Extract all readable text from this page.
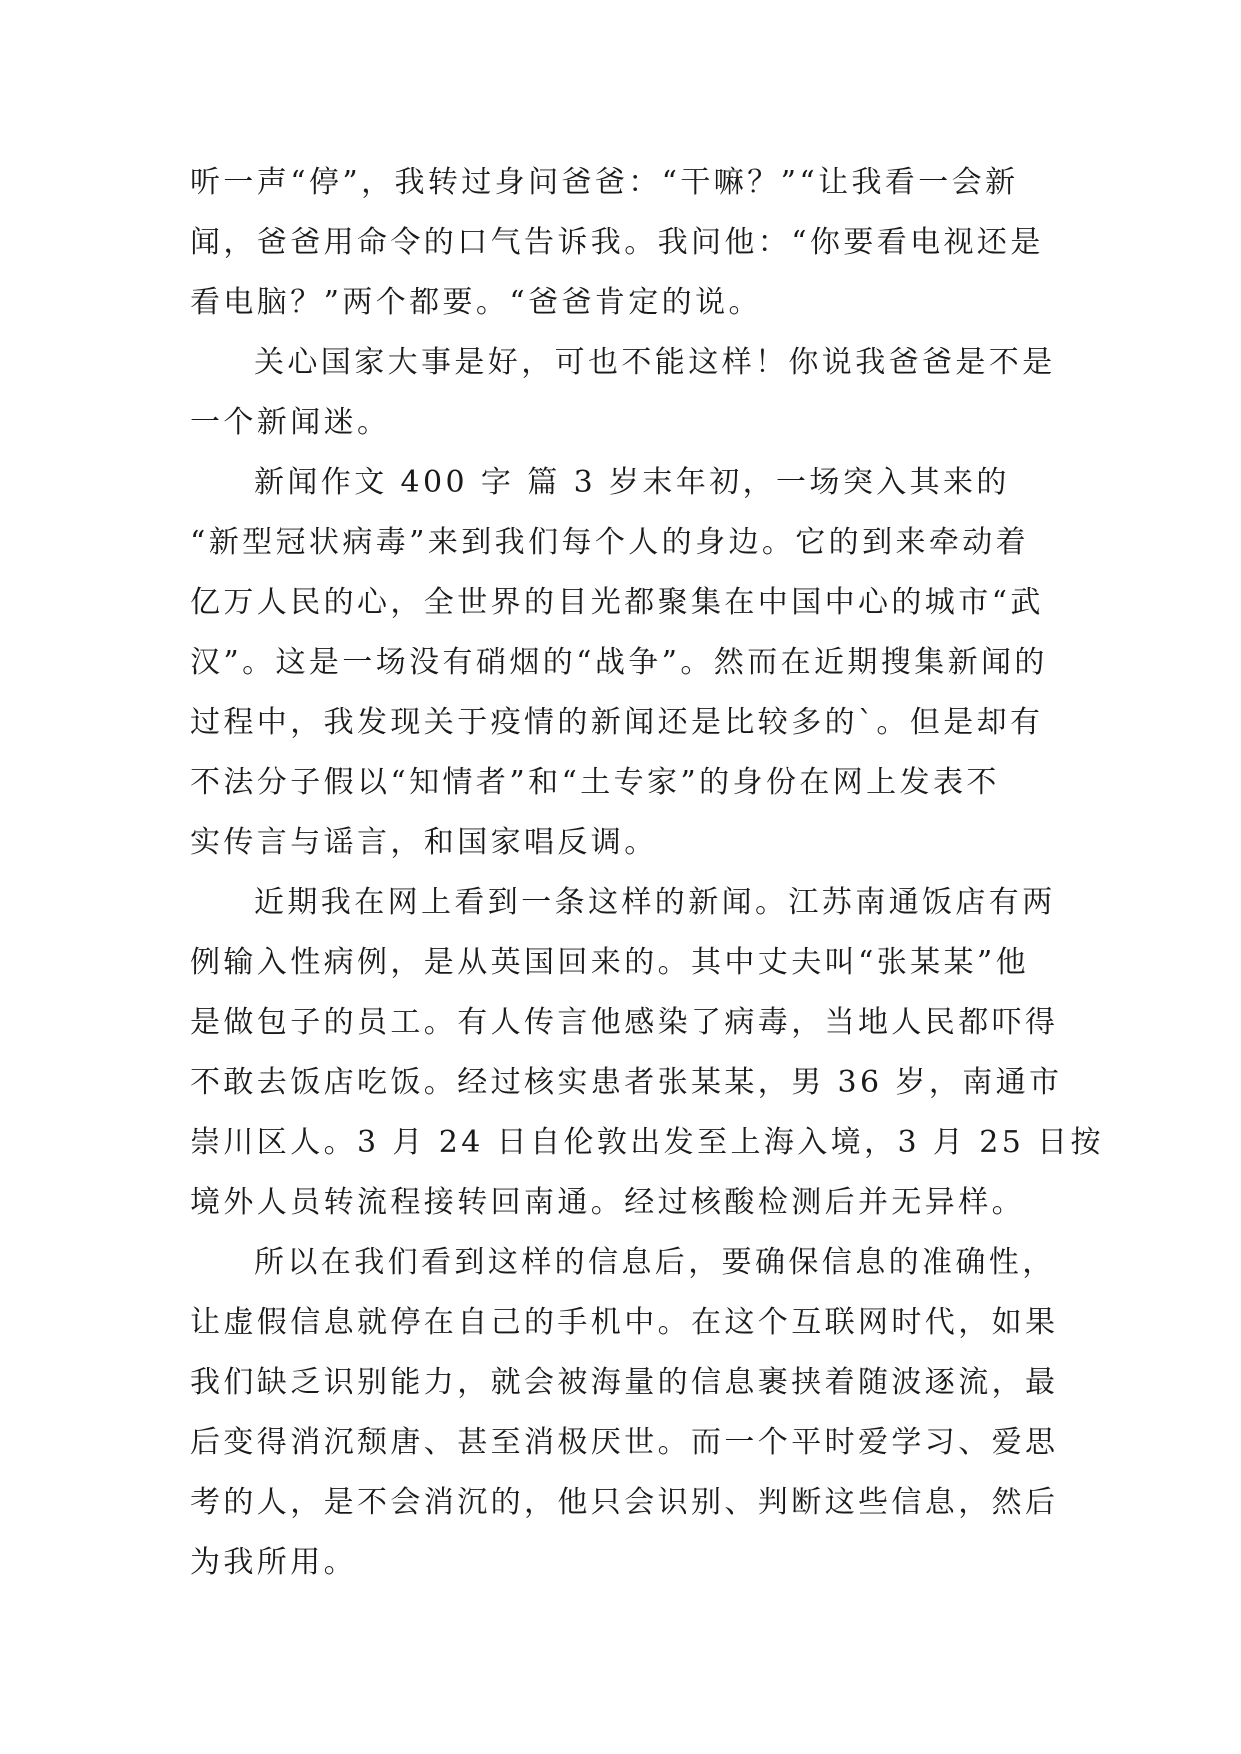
听一声“停”，我转过身问爸爸：“干嘛？”“让我看一会新
闻，爸爸用命令的口气告诉我。我问他：“你要看电视还是
看电脑？”两个都要。“爸爸肯定的说。
关心国家大事是好，可也不能这样！你说我爸爸是不是
一个新闻迷。
新闻作文 400 字 篇 3 岁末年初，一场突入其来的
“新型冠状病毒”来到我们每个人的身边。它的到来牵动着
亿万人民的心，全世界的目光都聚集在中国中心的城市“武
汉”。这是一场没有硝烟的“战争”。然而在近期搜集新闻的
过程中，我发现关于疫情的新闻还是比较多的`。但是却有
不法分子假以“知情者”和“土专家”的身份在网上发表不
实传言与谣言，和国家唱反调。
近期我在网上看到一条这样的新闻。江苏南通饭店有两
例输入性病例，是从英国回来的。其中丈夫叫“张某某”他
是做包子的员工。有人传言他感染了病毒，当地人民都吓得
不敢去饭店吃饭。经过核实患者张某某，男 36 岁，南通市
崇川区人。3 月 24 日自伦敦出发至上海入境，3 月 25 日按
境外人员转流程接转回南通。经过核酸检测后并无异样。
所以在我们看到这样的信息后，要确保信息的准确性，
让虚假信息就停在自己的手机中。在这个互联网时代，如果
我们缺乏识别能力，就会被海量的信息裹挟着随波逐流，最
后变得消沉颓唐、甚至消极厌世。而一个平时爱学习、爱思
考的人，是不会消沉的，他只会识别、判断这些信息，然后
为我所用。
